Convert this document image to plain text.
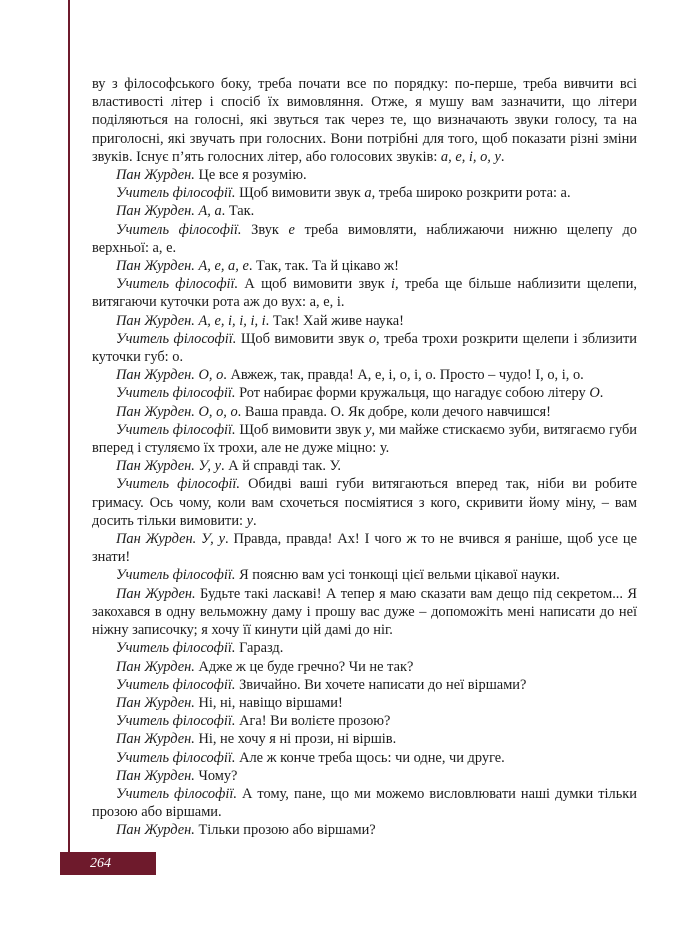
ву з філософського боку, треба почати все по порядку: по-перше, треба вивчити всі властивості літер і спосіб їх вимовляння. Отже, я мушу вам зазначити, що літери поділяються на голосні, які звуться так через те, що визначають звуки голосу, та на приголосні, які звучать при голосних. Вони потрібні для того, щоб показати різні зміни звуків. Існує п’ять голосних літер, або голосових звуків: а, е, і, о, у.

Пан Журден. Це все я розумію.

Учитель філософії. Щоб вимовити звук а, треба широко розкрити рота: а.

Пан Журден. А, а. Так.

Учитель філософії. Звук е треба вимовляти, наближаючи нижню щелепу до верхньої: а, е.

Пан Журден. А, е, а, е. Так, так. Та й цікаво ж!

Учитель філософії. А щоб вимовити звук і, треба ще більше наблизити щелепи, витягаючи куточки рота аж до вух: а, е, і.

Пан Журден. А, е, і, і, і, і. Так! Хай живе наука!

Учитель філософії. Щоб вимовити звук о, треба трохи розкрити щелепи і зблизити куточки губ: о.

Пан Журден. О, о. Авжеж, так, правда! А, е, і, о, і, о. Просто – чудо! І, о, і, о.

Учитель філософії. Рот набирає форми кружальця, що нагадує собою літеру О.

Пан Журден. О, о, о. Ваша правда. О. Як добре, коли дечого навчишся!

Учитель філософії. Щоб вимовити звук у, ми майже стискаємо зуби, витягаємо губи вперед і стуляємо їх трохи, але не дуже міцно: у.

Пан Журден. У, у. А й справді так. У.

Учитель філософії. Обидві ваші губи витягаються вперед так, ніби ви робите гримасу. Ось чому, коли вам схочеться посміятися з кого, скривити йому міну, – вам досить тільки вимовити: у.

Пан Журден. У, у. Правда, правда! Ах! І чого ж то не вчився я раніше, щоб усе це знати!

Учитель філософії. Я поясню вам усі тонкощі цієї вельми цікавої науки.

Пан Журден. Будьте такі ласкаві! А тепер я маю сказати вам дещо під секретом... Я закохався в одну вельможну даму і прошу вас дуже – допоможіть мені написати до неї ніжну записочку; я хочу її кинути цій дамі до ніг.

Учитель філософії. Гаразд.

Пан Журден. Адже ж це буде гречно? Чи не так?

Учитель філософії. Звичайно. Ви хочете написати до неї віршами?

Пан Журден. Ні, ні, навіщо віршами!

Учитель філософії. Ага! Ви волієте прозою?

Пан Журден. Ні, не хочу я ні прози, ні віршів.

Учитель філософії. Але ж конче треба щось: чи одне, чи друге.

Пан Журден. Чому?

Учитель філософії. А тому, пане, що ми можемо висловлювати наші думки тільки прозою або віршами.

Пан Журден. Тільки прозою або віршами?

264
